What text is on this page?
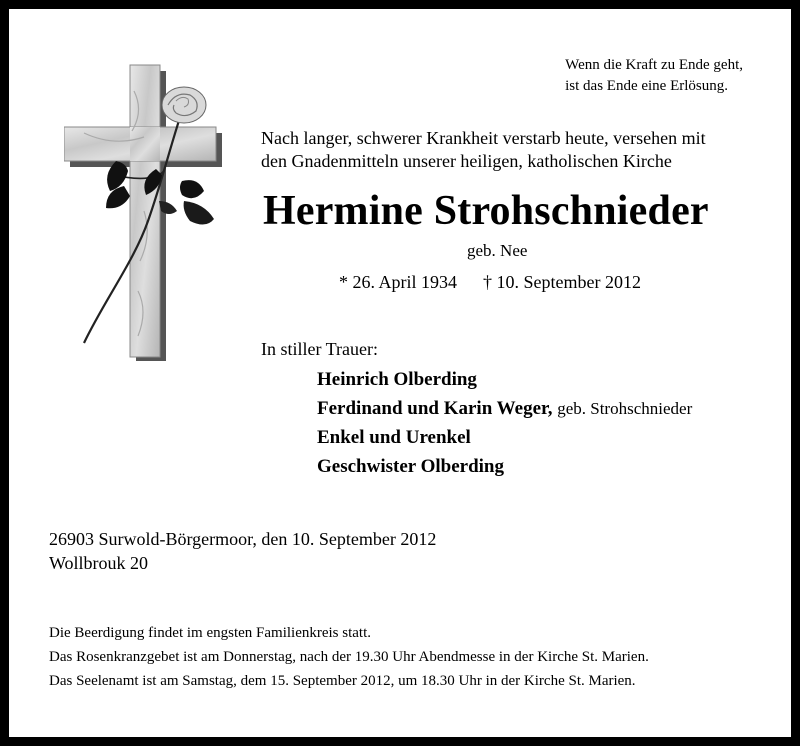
Wenn die Kraft zu Ende geht,
ist das Ende eine Erlösung.
Nach langer, schwerer Krankheit verstarb heute, versehen mit
den Gnadenmitteln unserer heiligen, katholischen Kirche
Hermine Strohschnieder
geb. Nee
* 26. April 1934 † 10. September 2012
In stiller Trauer:
Heinrich Olberding
Ferdinand und Karin Weger, geb. Strohschnieder
Enkel und Urenkel
Geschwister Olberding
26903 Surwold-Börgermoor, den 10. September 2012
Wollbrouk 20
Die Beerdigung findet im engsten Familienkreis statt.
Das Rosenkranzgebet ist am Donnerstag, nach der 19.30 Uhr Abendmesse in der Kirche St. Marien.
Das Seelenamt ist am Samstag, dem 15. September 2012, um 18.30 Uhr in der Kirche St. Marien.
